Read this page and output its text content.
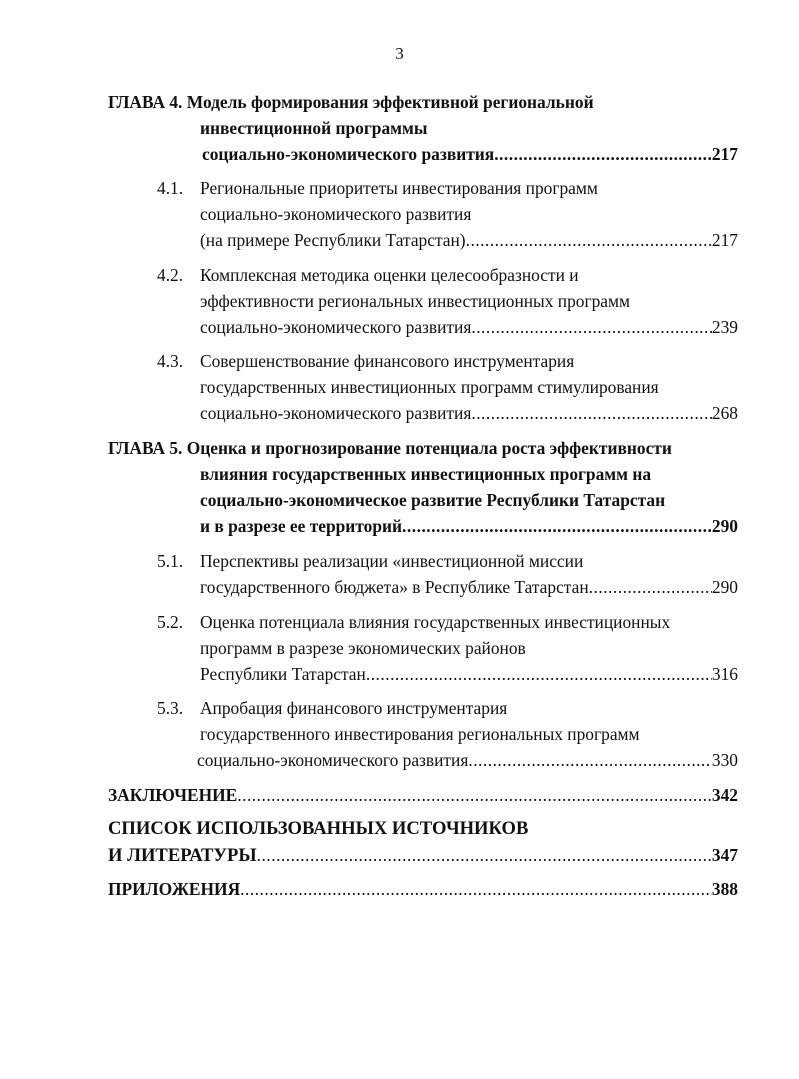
3
ГЛАВА 4. Модель формирования эффективной региональной
инвестиционной программы
социально-экономического развития .....	217
4.1. Региональные приоритеты инвестирования программ
социально-экономического развития
(на примере Республики Татарстан) .....	217
4.2. Комплексная методика оценки целесообразности и
эффективности региональных инвестиционных программ
социально-экономического развития .....	239
4.3. Совершенствование финансового инструментария
государственных инвестиционных программ стимулирования
социально-экономического развития .....	268
ГЛАВА 5. Оценка и прогнозирование потенциала роста эффективности
влияния государственных инвестиционных программ на
социально-экономическое развитие Республики Татарстан
и в разрезе ее территорий .....	290
5.1. Перспективы реализации «инвестиционной миссии
государственного бюджета» в Республике Татарстан .....	290
5.2. Оценка потенциала влияния государственных инвестиционных
программ в разрезе экономических районов
Республики Татарстан .....	316
5.3. Апробация финансового инструментария
государственного инвестирования региональных программ
социально-экономического развития .....	330
ЗАКЛЮЧЕНИЕ .....	342
СПИСОК ИСПОЛЬЗОВАННЫХ ИСТОЧНИКОВ
И ЛИТЕРАТУРЫ .....	347
ПРИЛОЖЕНИЯ .....	388
